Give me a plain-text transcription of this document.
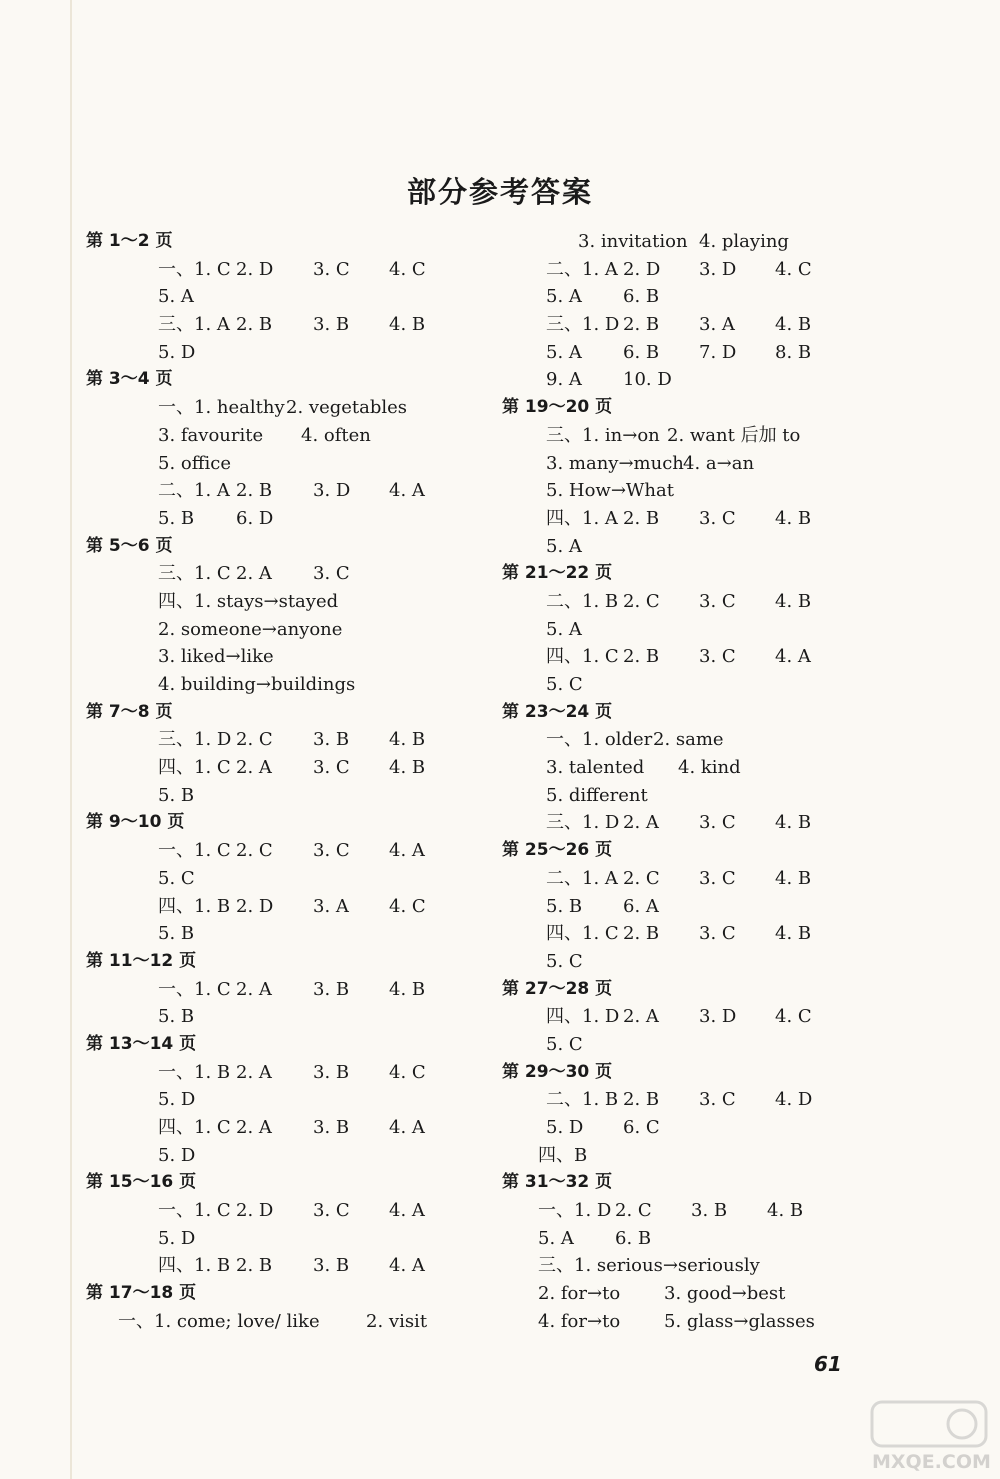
部分参考答案
第 1～2 页
一、1. C 2. D 3. C 4. C
5. A
三、1. A 2. B 3. B 4. B
5. D
第 3～4 页
一、1. healthy 2. vegetables
3. favourite 4. often
5. office
二、1. A 2. B 3. D 4. A
5. B 6. D
第 5～6 页
三、1. C 2. A 3. C
四、1. stays→stayed
2. someone→anyone
3. liked→like
4. building→buildings
第 7～8 页
三、1. D 2. C 3. B 4. B
四、1. C 2. A 3. C 4. B
5. B
第 9～10 页
一、1. C 2. C 3. C 4. A
5. C
四、1. B 2. D 3. A 4. C
5. B
第 11～12 页
一、1. C 2. A 3. B 4. B
5. B
第 13～14 页
一、1. B 2. A 3. B 4. C
5. D
四、1. C 2. A 3. B 4. A
5. D
第 15～16 页
一、1. C 2. D 3. C 4. A
5. D
四、1. B 2. B 3. B 4. A
第 17～18 页
一、1. come; love/ like	2. visit
3. invitation 4. playing
二、1. A 2. D 3. D 4. C
5. A 6. B
三、1. D 2. B 3. A 4. B
5. A 6. B 7. D 8. B
9. A 10. D
第 19～20 页
三、1. in→on 2. want 后加 to
3. many→much 4. a→an
5. How→What
四、1. A 2. B 3. C 4. B
5. A
第 21～22 页
二、1. B 2. C 3. C 4. B
5. A
四、1. C 2. B 3. C 4. A
5. C
第 23～24 页
一、1. older 2. same
3. talented 4. kind
5. different
三、1. D 2. A 3. C 4. B
第 25～26 页
二、1. A 2. C 3. C 4. B
5. B 6. A
四、1. C 2. B 3. C 4. B
5. C
第 27～28 页
四、1. D 2. A 3. D 4. C
5. C
第 29～30 页
二、1. B 2. B 3. C 4. D
5. D 6. C
四、B
第 31～32 页
一、1. D 2. C 3. B 4. B
5. A 6. B
三、1. serious→seriously
2. for→to 3. good→best
4. for→to 5. glass→glasses
61
MXQE.COM
